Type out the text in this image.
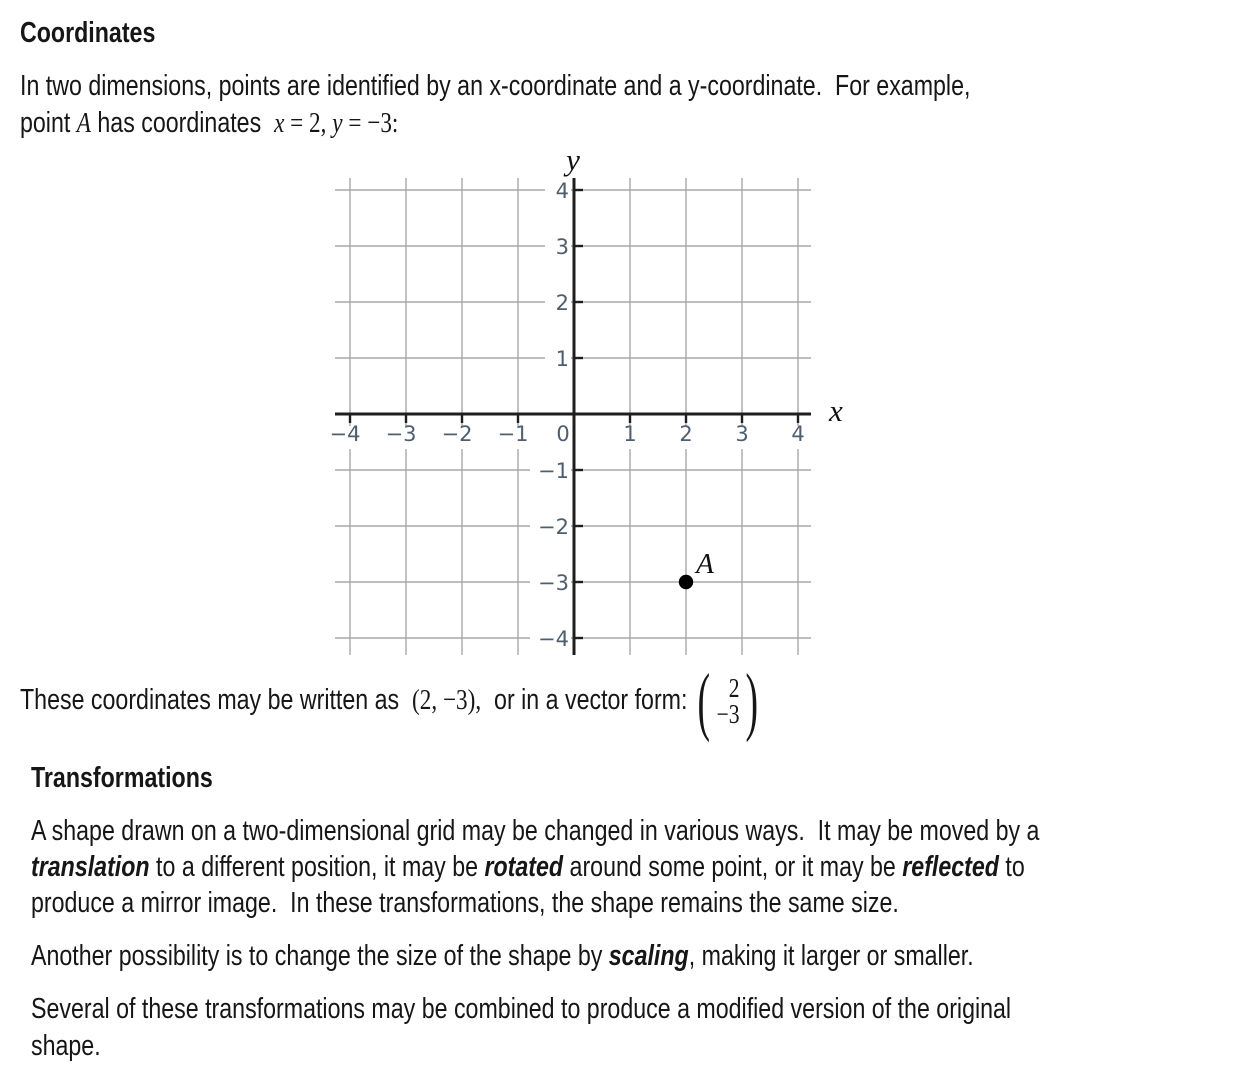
Coordinates
In two dimensions, points are identified by an x-coordinate and a y-coordinate.  For example,
point A has coordinates  x = 2, y = −3:
−4 −3 −2 −1 0	1 2 3 4
4
3
2
1
−1
−2
−3
−4
y
x
A
These coordinates may be written as  (2, −3),  or in a vector form: ( 2
−3 )
Transformations
A shape drawn on a two-dimensional grid may be changed in various ways.  It may be moved by a
translation to a different position, it may be rotated around some point, or it may be reflected to
produce a mirror image.  In these transformations, the shape remains the same size.
Another possibility is to change the size of the shape by scaling, making it larger or smaller.
Several of these transformations may be combined to produce a modified version of the original
shape.
